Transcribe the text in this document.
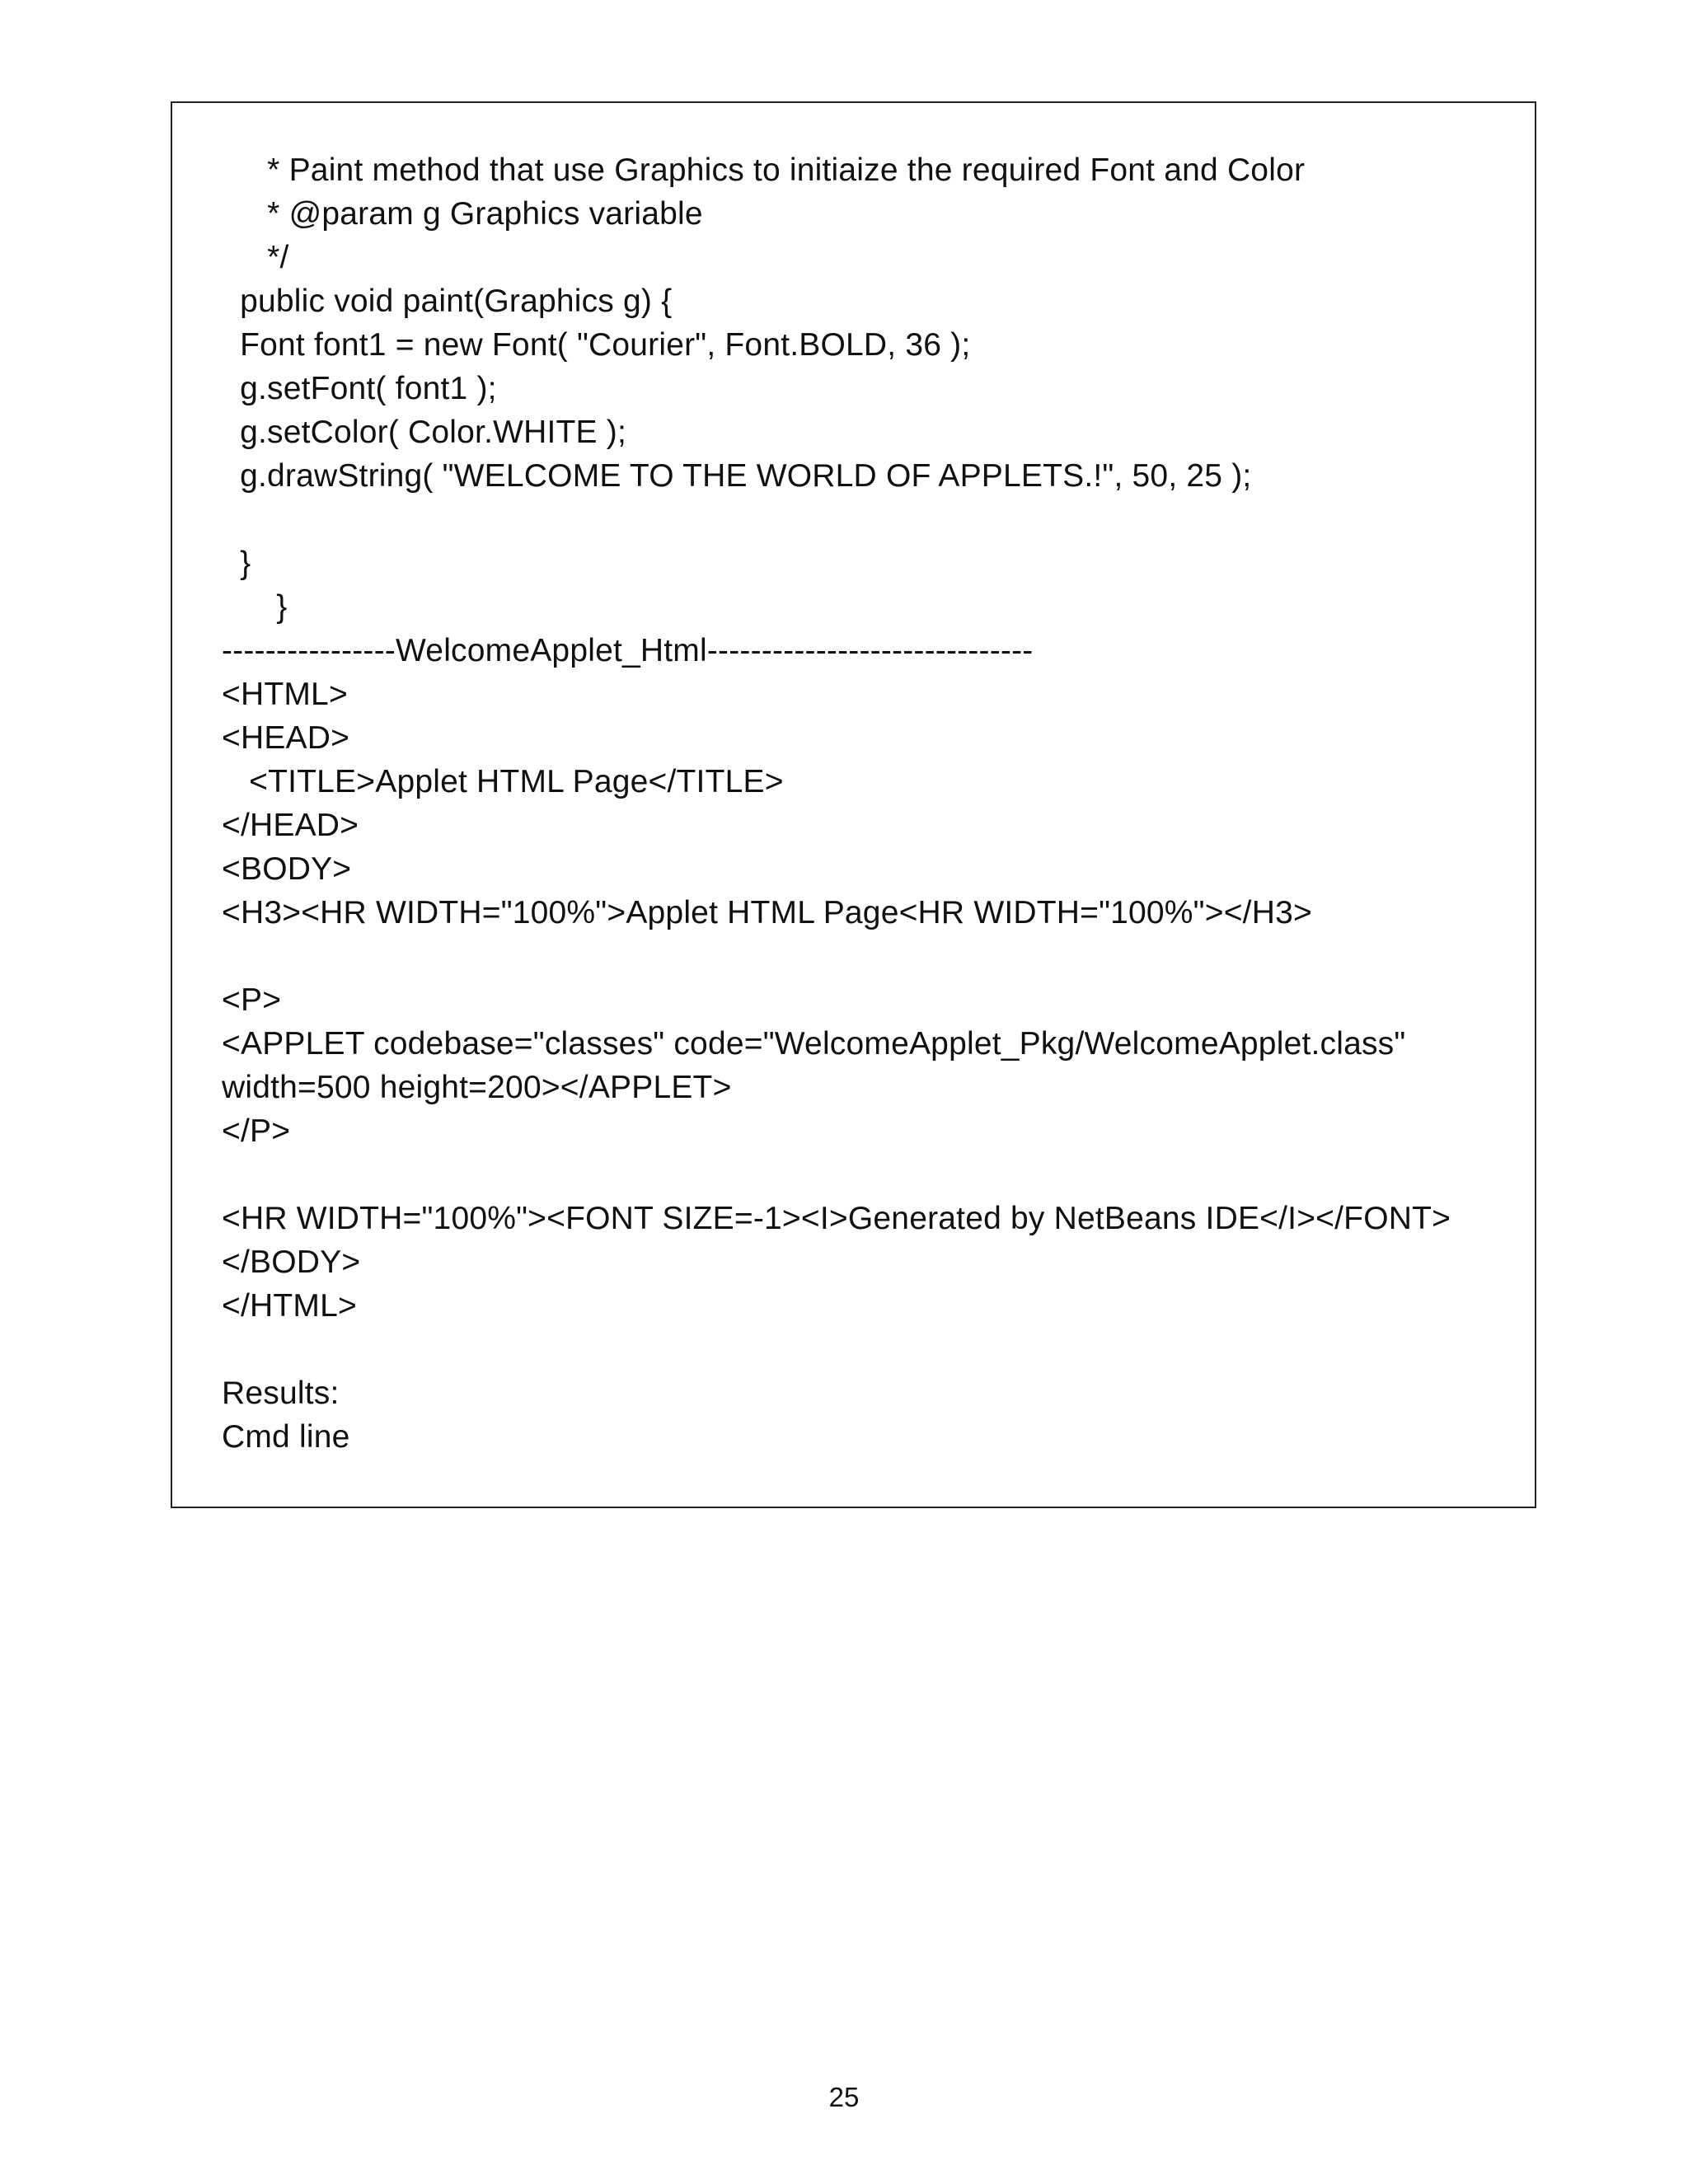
* Paint method that use Graphics to initiaize the required Font and Color
* @param g Graphics variable
*/
public void paint(Graphics g) {
Font font1 = new Font( "Courier", Font.BOLD, 36 );
g.setFont( font1 );
g.setColor( Color.WHITE );
g.drawString( "WELCOME TO THE WORLD OF APPLETS.!", 50, 25 );
}
}
----------------WelcomeApplet_Html------------------------------
<HTML>
<HEAD>
<TITLE>Applet HTML Page</TITLE>
</HEAD>
<BODY>
<H3><HR WIDTH="100%">Applet HTML Page<HR WIDTH="100%"></H3>
<P>
<APPLET codebase="classes" code="WelcomeApplet_Pkg/WelcomeApplet.class"
width=500 height=200></APPLET>
</P>
<HR WIDTH="100%"><FONT SIZE=-1><I>Generated by NetBeans IDE</I></FONT>
</BODY>
</HTML>
Results:
Cmd line
25
